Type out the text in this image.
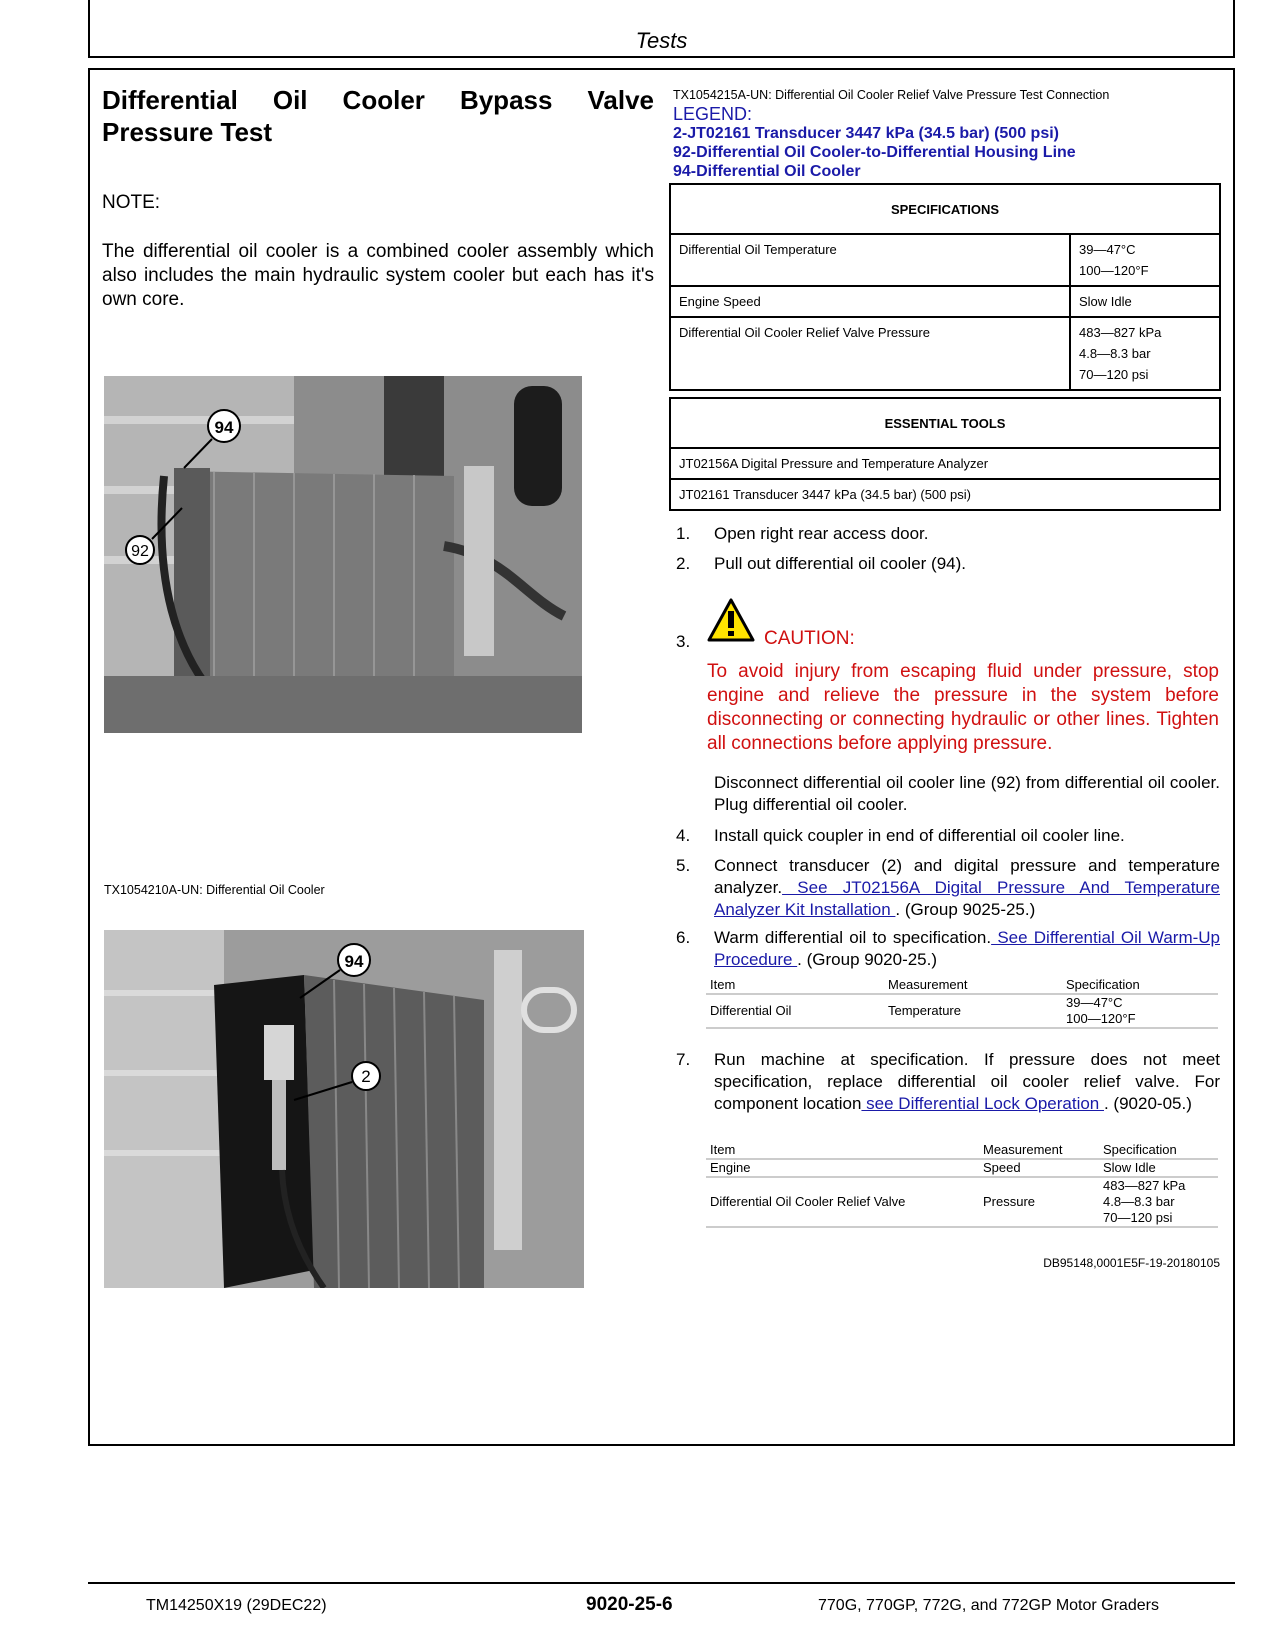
Tests
Differential Oil Cooler Bypass Valve
Pressure Test
NOTE:
The differential oil cooler is a combined cooler assembly which also includes the main hydraulic system cooler but each has it's own core.
94
92
TX1054210A-UN: Differential Oil Cooler
94
2
TX1054215A-UN: Differential Oil Cooler Relief Valve Pressure Test Connection
LEGEND:
2-JT02161 Transducer 3447 kPa (34.5 bar) (500 psi)
92-Differential Oil Cooler-to-Differential Housing Line
94-Differential Oil Cooler
SPECIFICATIONS	
Differential Oil Temperature	39—47°C
100—120°F

Engine Speed	Slow Idle
Differential Oil Cooler Relief Valve Pressure	483—827 kPa
4.8—8.3 bar
70—120 psi
ESSENTIAL TOOLS
JT02156A Digital Pressure and Temperature Analyzer
JT02161 Transducer 3447 kPa (34.5 bar) (500 psi)
1.	Open right rear access door.
2.	Pull out differential oil cooler (94).
3.	CAUTION:
To avoid injury from escaping fluid under pressure, stop engine and relieve the pressure in the system before disconnecting or connecting hydraulic or other lines. Tighten all connections before applying pressure.
Disconnect differential oil cooler line (92) from differential oil cooler. Plug differential oil cooler.
4.	Install quick coupler in end of differential oil cooler line.
5.	Connect transducer (2) and digital pressure and temperature analyzer. See JT02156A Digital Pressure And Temperature Analyzer Kit Installation . (Group 9025-25.)
6.	Warm differential oil to specification. See Differential Oil Warm-Up Procedure . (Group 9020-25.)
Item	Measurement	Specification
Differential Oil	Temperature	39—47°C
100—120°F
7.	Run machine at specification. If pressure does not meet specification, replace differential oil cooler relief valve. For component location see Differential Lock Operation . (9020-05.)
Item	Measurement	Specification
Engine	Speed	Slow Idle
Differential Oil Cooler Relief Valve	Pressure	483—827 kPa
4.8—8.3 bar
70—120 psi
DB95148,0001E5F-19-20180105
TM14250X19 (29DEC22)	9020-25-6	770G, 770GP, 772G, and 772GP Motor Graders
